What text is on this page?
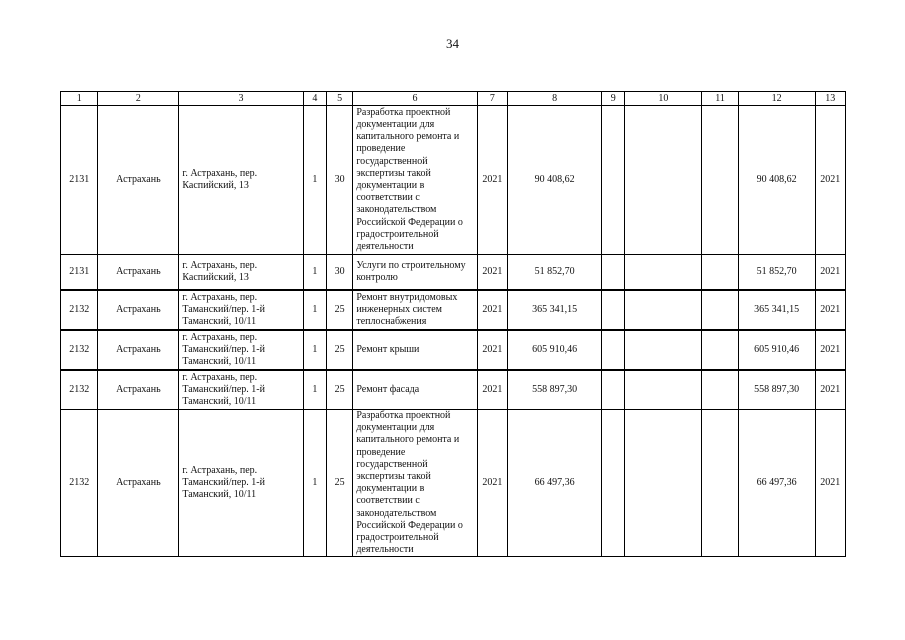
34
1	2	3	4	5	6	7	8	9	10	11	12	13
2131	Астрахань	г. Астрахань, пер. Каспийский, 13	1	30	Разработка проектной документации для капитального ремонта и проведение государственной экспертизы такой документации в соответствии с законодательством Российской Федерации о градостроительной деятельности	2021	90 408,62				90 408,62	2021
2131	Астрахань	г. Астрахань, пер. Каспийский, 13	1	30	Услуги по строительному контролю	2021	51 852,70				51 852,70	2021
2132	Астрахань	г. Астрахань, пер. Таманский/пер. 1-й Таманский, 10/11	1	25	Ремонт внутридомовых инженерных систем теплоснабжения	2021	365 341,15				365 341,15	2021
2132	Астрахань	г. Астрахань, пер. Таманский/пер. 1-й Таманский, 10/11	1	25	Ремонт крыши	2021	605 910,46				605 910,46	2021
2132	Астрахань	г. Астрахань, пер. Таманский/пер. 1-й Таманский, 10/11	1	25	Ремонт фасада	2021	558 897,30				558 897,30	2021
2132	Астрахань	г. Астрахань, пер. Таманский/пер. 1-й Таманский, 10/11	1	25	Разработка проектной документации для капитального ремонта и проведение государственной экспертизы такой документации в соответствии с законодательством Российской Федерации о градостроительной деятельности	2021	66 497,36				66 497,36	2021
